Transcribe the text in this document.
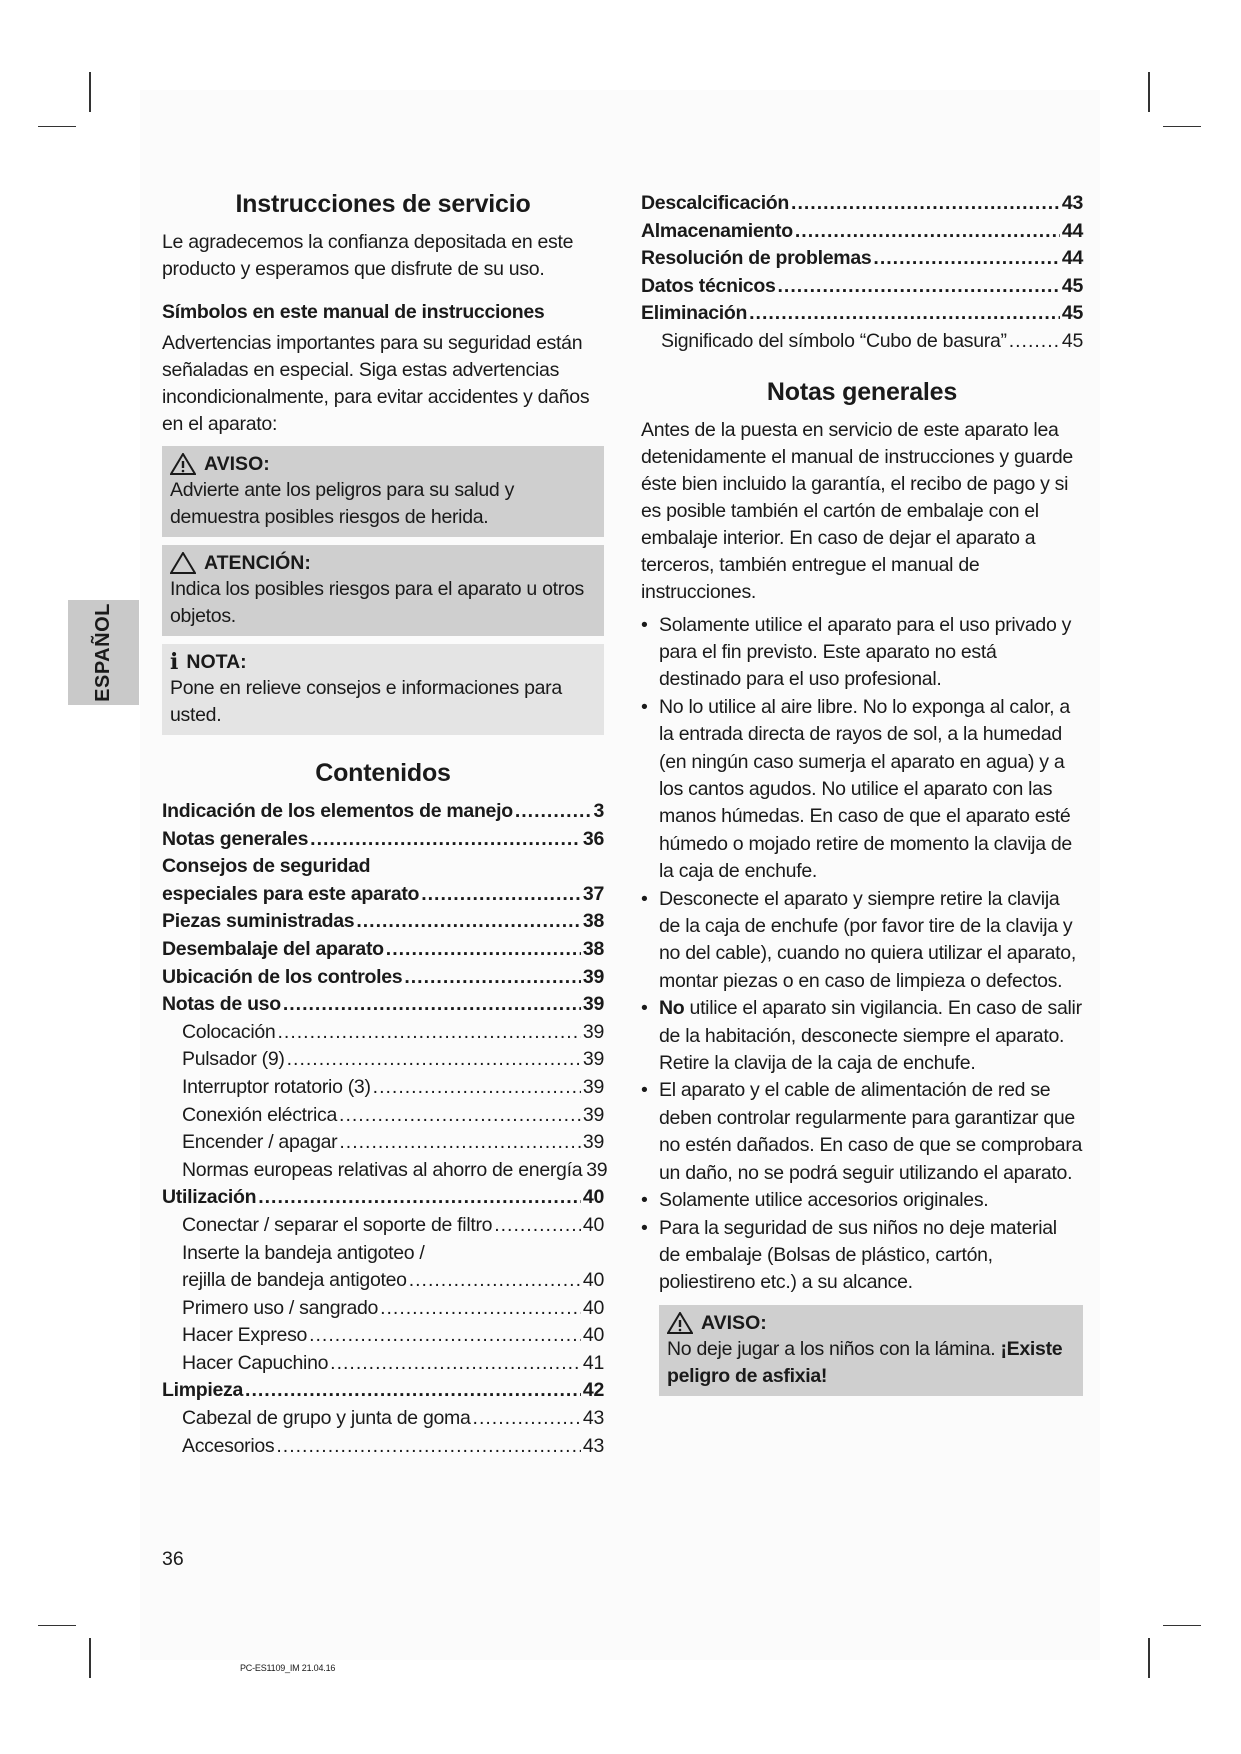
ESPAÑOL
Instrucciones de servicio

Le agradecemos la confianza depositada en este producto y esperamos que disfrute de su uso.

Símbolos en este manual de instrucciones

Advertencias importantes para su seguridad están señaladas en especial. Siga estas advertencias incondicionalmente, para evitar accidentes y daños en el aparato:

AVISO:
Advierte ante los peligros para su salud y demuestra posibles riesgos de herida.
ATENCIÓN:
Indica los posibles riesgos para el aparato u otros objetos.
i NOTA:
Pone en relieve consejos e informaciones para usted.
Contenidos
Indicación de los elementos de manejo .....	3
Notas generales .....	36
Consejos de seguridad
especiales para este aparato .....	37
Piezas suministradas .....	38
Desembalaje del aparato .....	38
Ubicación de los controles .....	39
Notas de uso .....	39
Colocación .....	39
Pulsador (9) .....	39
Interruptor rotatorio (3) .....	39
Conexión eléctrica .....	39
Encender / apagar .....	39
Normas europeas relativas al ahorro de energía 39
Utilización .....	40
Conectar / separar el soporte de filtro .....	40
Inserte la bandeja antigoteo /
rejilla de bandeja antigoteo .....	40
Primero uso / sangrado .....	40
Hacer Expreso .....	40
Hacer Capuchino .....	41
Limpieza .....	42
Cabezal de grupo y junta de goma .....	43
Accesorios .....	43
Descalcificación .....	43
Almacenamiento .....	44
Resolución de problemas .....	44
Datos técnicos .....	45
Eliminación .....	45
Significado del símbolo “Cubo de basura” .....	45
Notas generales

Antes de la puesta en servicio de este aparato lea detenidamente el manual de instrucciones y guarde éste bien incluido la garantía, el recibo de pago y si es posible también el cartón de embalaje con el embalaje interior. En caso de dejar el aparato a terceros, también entregue el manual de instrucciones.

• Solamente utilice el aparato para el uso privado y para el fin previsto. Este aparato no está destinado para el uso profesional.
• No lo utilice al aire libre. No lo exponga al calor, a la entrada directa de rayos de sol, a la humedad (en ningún caso sumerja el aparato en agua) y a los cantos agudos. No utilice el aparato con las manos húmedas. En caso de que el aparato esté húmedo o mojado retire de momento la clavija de la caja de enchufe.
• Desconecte el aparato y siempre retire la clavija de la caja de enchufe (por favor tire de la clavija y no del cable), cuando no quiera utilizar el aparato, montar piezas o en caso de limpieza o defectos.
• No utilice el aparato sin vigilancia. En caso de salir de la habitación, desconecte siempre el aparato. Retire la clavija de la caja de enchufe.
• El aparato y el cable de alimentación de red se deben controlar regularmente para garantizar que no estén dañados. En caso de que se comprobara un daño, no se podrá seguir utilizando el aparato.
• Solamente utilice accesorios originales.
• Para la seguridad de sus niños no deje material de embalaje (Bolsas de plástico, cartón, poliestireno etc.) a su alcance.
AVISO:
No deje jugar a los niños con la lámina. ¡Existe peligro de asfixia!
36
PC-ES1109_IM 21.04.16
